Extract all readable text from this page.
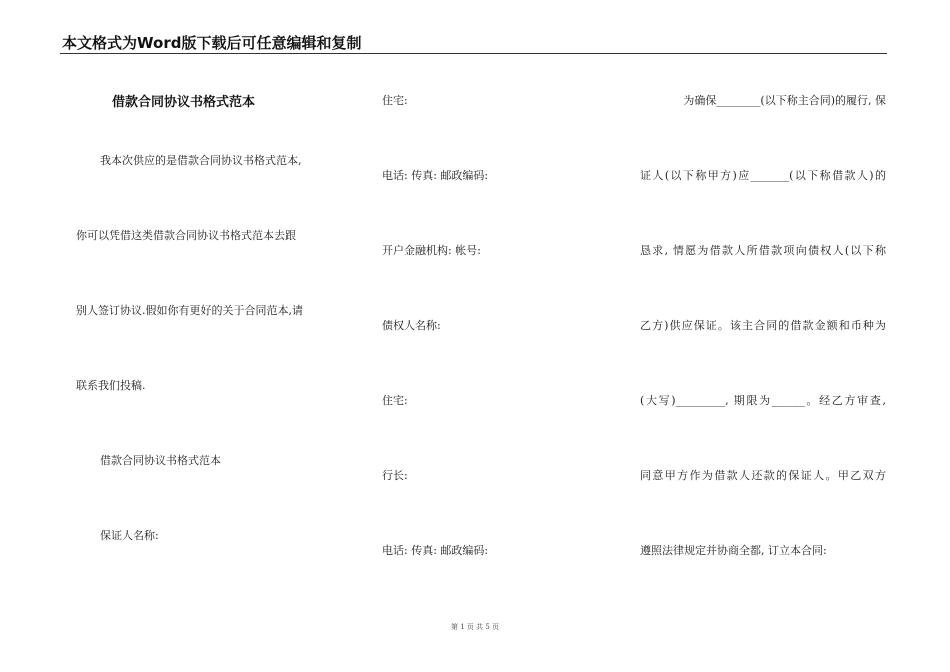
本文格式为Word版下载后可任意编辑和复制
借款合同协议书格式范本
我本次供应的是借款合同协议书格式范本,
你可以凭借这类借款合同协议书格式范本去跟
别人签订协议.假如你有更好的关于合同范本,请
联系我们投稿.
借款合同协议书格式范本
保证人名称:
住宅:
电话: 传真: 邮政编码:
开户金融机构: 帐号:
债权人名称:
住宅:
行长:
电话: 传真: 邮政编码:
为确保________(以下称主合同)的履行, 保
证人(以下称甲方)应_______(以下称借款人)的
恳求, 情愿为借款人所借款项向债权人(以下称
乙方)供应保证。该主合同的借款金额和币种为
(大写)_________, 期限为______。经乙方审查,
同意甲方作为借款人还款的保证人。甲乙双方
遵照法律规定并协商全都, 订立本合同:
第 1 页 共 5 页
